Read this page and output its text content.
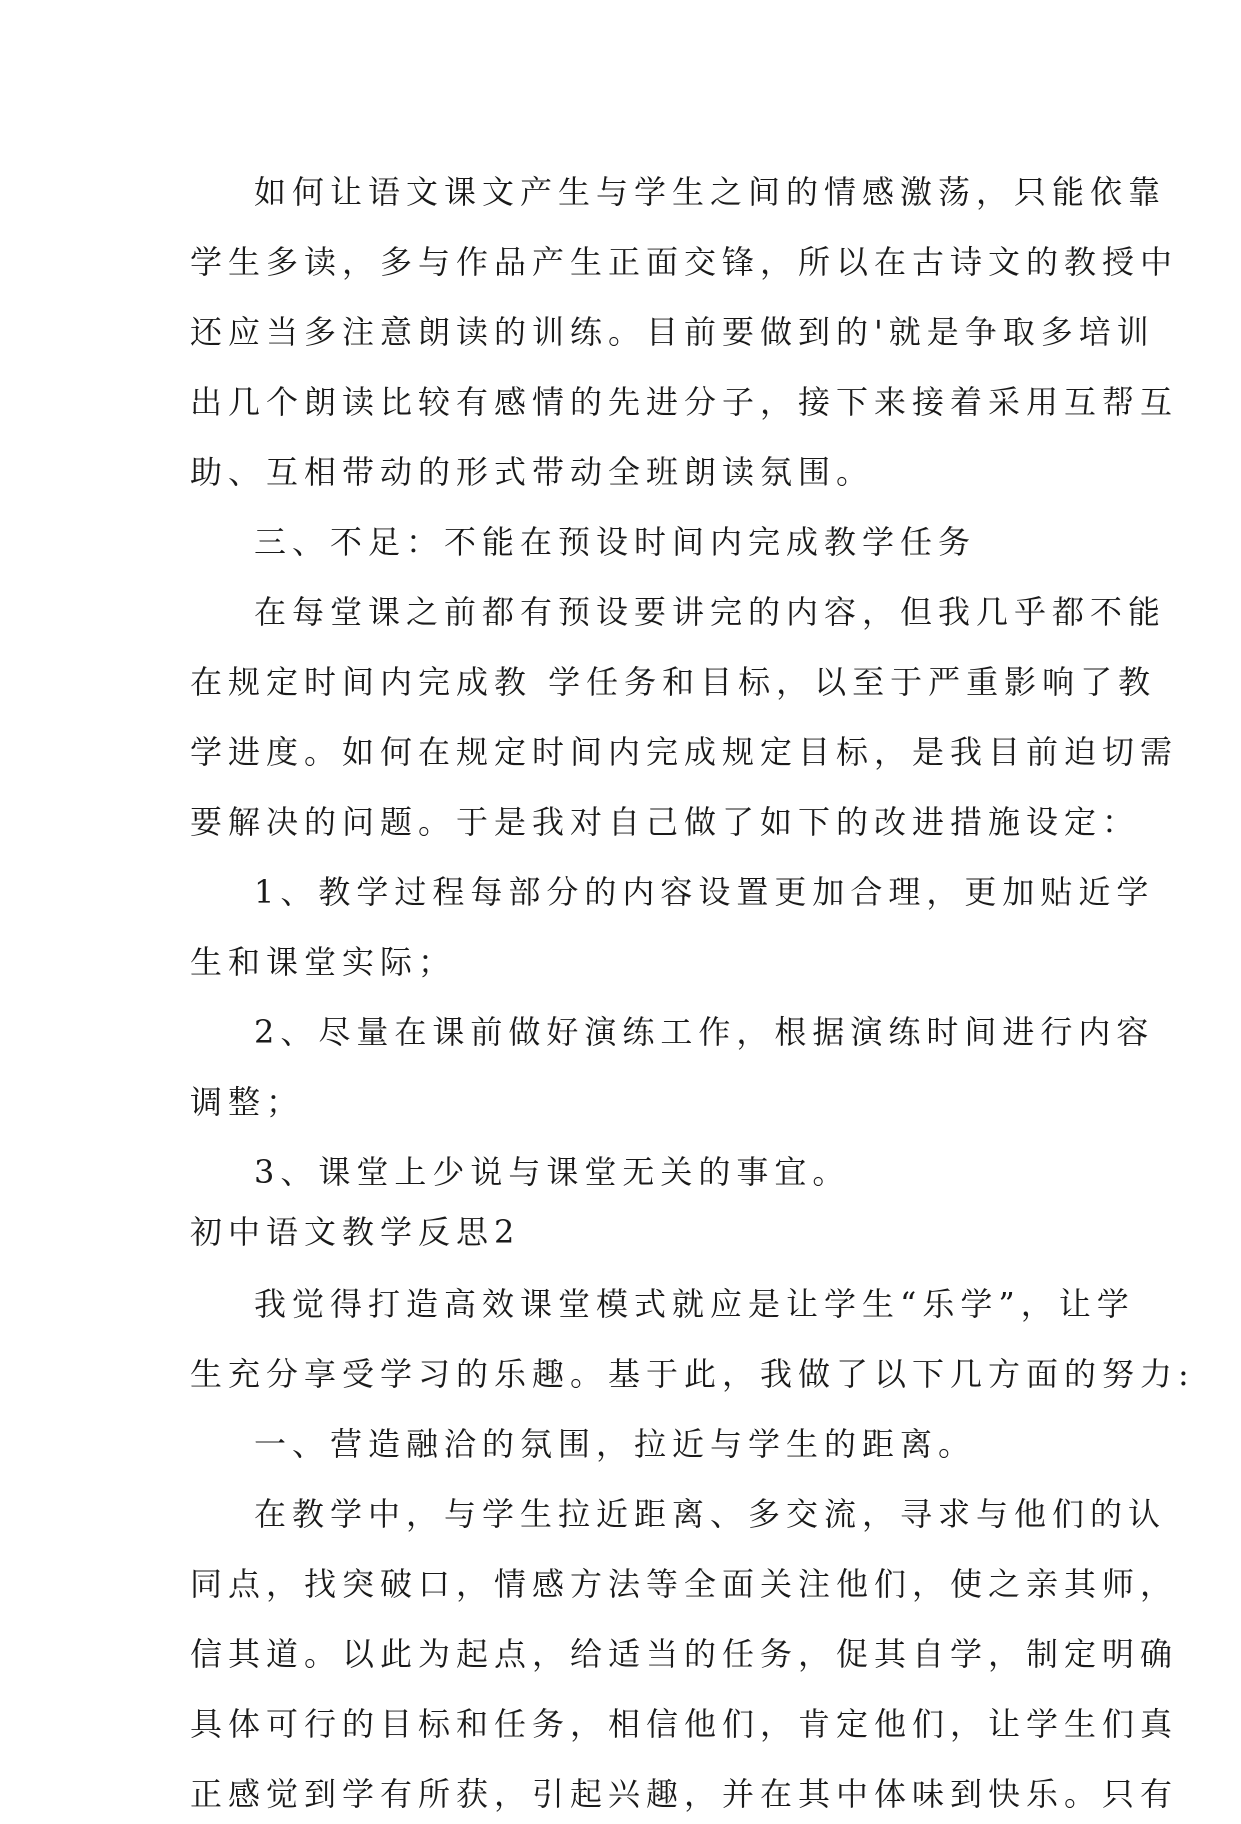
如何让语文课文产生与学生之间的情感激荡，只能依靠
学生多读，多与作品产生正面交锋，所以在古诗文的教授中
还应当多注意朗读的训练。目前要做到的'就是争取多培训
出几个朗读比较有感情的先进分子，接下来接着采用互帮互
助、互相带动的形式带动全班朗读氛围。
三、不足：不能在预设时间内完成教学任务
在每堂课之前都有预设要讲完的内容，但我几乎都不能
在规定时间内完成教 学任务和目标，以至于严重影响了教
学进度。如何在规定时间内完成规定目标，是我目前迫切需
要解决的问题。于是我对自己做了如下的改进措施设定：
1、教学过程每部分的内容设置更加合理，更加贴近学
生和课堂实际；
2、尽量在课前做好演练工作，根据演练时间进行内容
调整；
3、课堂上少说与课堂无关的事宜。
初中语文教学反思2
我觉得打造高效课堂模式就应是让学生“乐学”，让学
生充分享受学习的乐趣。基于此，我做了以下几方面的努力:
一、营造融洽的氛围，拉近与学生的距离。
在教学中，与学生拉近距离、多交流，寻求与他们的认
同点，找突破口，情感方法等全面关注他们，使之亲其师，
信其道。以此为起点，给适当的任务，促其自学，制定明确
具体可行的目标和任务，相信他们，肯定他们，让学生们真
正感觉到学有所获，引起兴趣，并在其中体味到快乐。只有
